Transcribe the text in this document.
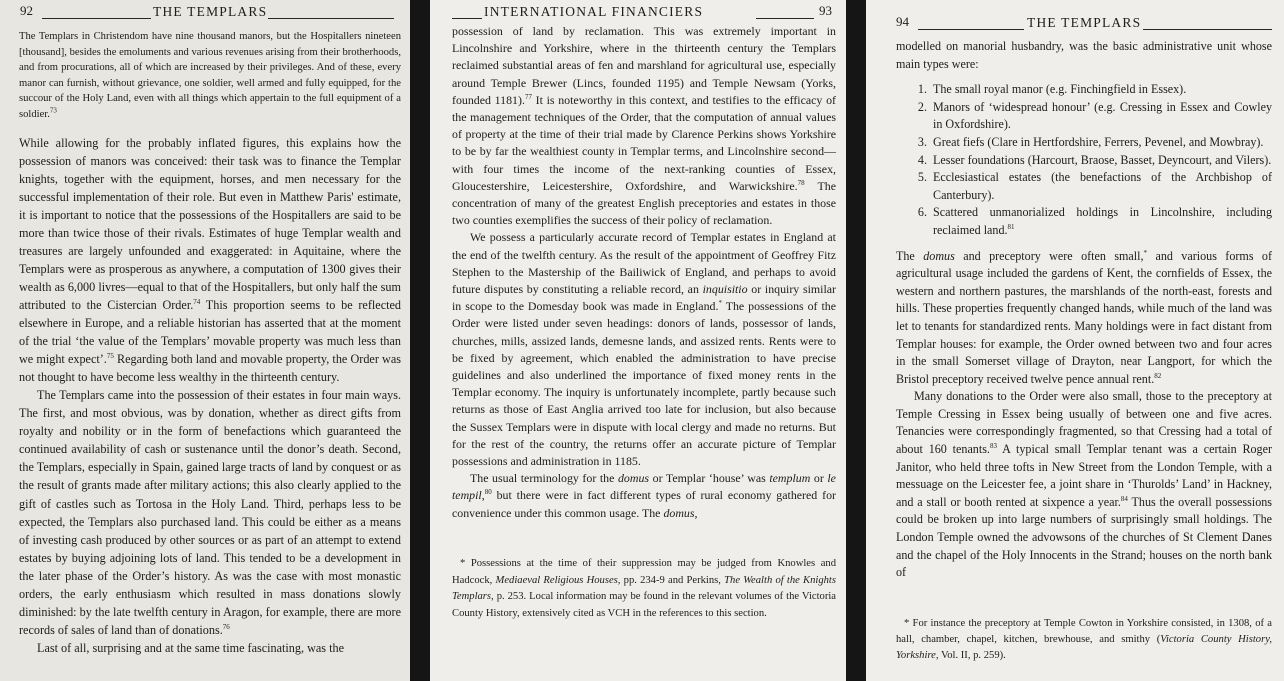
92	THE TEMPLARS

The Templars in Christendom have nine thousand manors, but the Hospitallers nineteen [thousand], besides the emoluments and various revenues arising from their brotherhoods, and from procurations, all of which are increased by their privileges. And of these, every manor can furnish, without grievance, one soldier, well armed and fully equipped, for the succour of the Holy Land, even with all things which appertain to the full equipment of a soldier.$^{73}$

While allowing for the probably inflated figures, this explains how the possession of manors was conceived: their task was to finance the Templar knights, together with the equipment, horses, and men necessary for the successful implementation of their role. But even in Matthew Paris' estimate, it is important to notice that the possessions of the Hospitallers are said to be more than twice those of their rivals. Estimates of huge Templar wealth and treasures are largely unfounded and exaggerated: in Aquitaine, where the Templars were as prosperous as anywhere, a computation of 1300 gives their wealth as 6,000 livres—equal to that of the Hospitallers, but only half the sum attributed to the Cistercian Order.$^{74}$ This proportion seems to be reflected elsewhere in Europe, and a reliable historian has asserted that at the moment of the trial ‘the value of the Templars’ movable property was much less than we might expect’.$^{75}$ Regarding both land and movable property, the Order was not thought to have become less wealthy in the thirteenth century.

The Templars came into the possession of their estates in four main ways. The first, and most obvious, was by donation, whether as direct gifts from royalty and nobility or in the form of benefactions which guaranteed the continued availability of cash or sustenance until the donor’s death. Second, the Templars, especially in Spain, gained large tracts of land by conquest or as the result of grants made after military actions; this also clearly applied to the gift of castles such as Tortosa in the Holy Land. Third, perhaps less to be expected, the Templars also purchased land. This could be either as a means of investing cash produced by other sources or as part of an attempt to extend estates by buying adjoining lots of land. This tended to be a development in the later phase of the Order’s history. As was the case with most monastic orders, the early enthusiasm which resulted in mass donations slowly diminished: by the late twelfth century in Aragon, for example, there are more records of sales of land than of donations.$^{76}$

Last of all, surprising and at the same time fascinating, was the

INTERNATIONAL FINANCIERS	93

possession of land by reclamation. This was extremely important in Lincolnshire and Yorkshire, where in the thirteenth century the Templars reclaimed substantial areas of fen and marshland for agricultural use, especially around Temple Brewer (Lincs, founded 1195) and Temple Newsam (Yorks, founded 1181).$^{77}$ It is noteworthy in this context, and testifies to the efficacy of the management techniques of the Order, that the computation of annual values of property at the time of their trial made by Clarence Perkins shows Yorkshire to be by far the wealthiest county in Templar terms, and Lincolnshire second—with four times the income of the next-ranking counties of Essex, Gloucestershire, Leicestershire, Oxfordshire, and Warwickshire.$^{78}$ The concentration of many of the greatest English preceptories and estates in those two counties exemplifies the success of their policy of reclamation.

We possess a particularly accurate record of Templar estates in England at the end of the twelfth century. As the result of the appointment of Geoffrey Fitz Stephen to the Mastership of the Bailiwick of England, and perhaps to avoid future disputes by constituting a reliable record, an inquisitio or inquiry similar in scope to the Domesday book was made in England.* The possessions of the Order were listed under seven headings: donors of lands, possessor of lands, churches, mills, assized lands, demesne lands, and assized rents. Rents were to be fixed by agreement, which enabled the administration to have precise guidelines and also underlined the importance of fixed money rents in the Templar economy. The inquiry is unfortunately incomplete, partly because such returns as those of East Anglia arrived too late for inclusion, but also because the Sussex Templars were in dispute with local clergy and made no returns. But for the rest of the country, the returns offer an accurate picture of Templar possessions and administration in 1185.

The usual terminology for the domus or Templar ‘house’ was templum or le tempil,$^{80}$ but there were in fact different types of rural economy gathered for convenience under this common usage. The domus,

* Possessions at the time of their suppression may be judged from Knowles and Hadcock, Mediaeval Religious Houses, pp. 234-9 and Perkins, The Wealth of the Knights Templars, p. 253. Local information may be found in the relevant volumes of the Victoria County History, extensively cited as VCH in the references to this section.

94	THE TEMPLARS

modelled on manorial husbandry, was the basic administrative unit whose main types were:

1. The small royal manor (e.g. Finchingfield in Essex).
2. Manors of ‘widespread honour’ (e.g. Cressing in Essex and Cowley in Oxfordshire).
3. Great fiefs (Clare in Hertfordshire, Ferrers, Pevenel, and Mowbray).
4. Lesser foundations (Harcourt, Braose, Basset, Deyncourt, and Vilers).
5. Ecclesiastical estates (the benefactions of the Archbishop of Canterbury).
6. Scattered unmanorialized holdings in Lincolnshire, including reclaimed land.$^{81}$

The domus and preceptory were often small,* and various forms of agricultural usage included the gardens of Kent, the cornfields of Essex, the western and northern pastures, the marshlands of the north-east, forests and hills. These properties frequently changed hands, while much of the land was let to tenants for standardized rents. Many holdings were in fact distant from Templar houses: for example, the Order owned between two and four acres in the small Somerset village of Drayton, near Langport, for which the Bristol preceptory received twelve pence annual rent.$^{82}$

Many donations to the Order were also small, those to the preceptory at Temple Cressing in Essex being usually of between one and five acres. Tenancies were correspondingly fragmented, so that Cressing had a total of about 160 tenants.$^{83}$ A typical small Templar tenant was a certain Roger Janitor, who held three tofts in New Street from the London Temple, with a messuage on the Leicester fee, a joint share in ‘Thurolds’ Land’ in Hackney, and a stall or booth rented at sixpence a year.$^{84}$ Thus the overall possessions could be broken up into large numbers of surprisingly small holdings. The London Temple owned the advowsons of the churches of St Clement Danes and the chapel of the Holy Innocents in the Strand; houses on the north bank of

* For instance the preceptory at Temple Cowton in Yorkshire consisted, in 1308, of a hall, chamber, chapel, kitchen, brewhouse, and smithy (Victoria County History, Yorkshire, Vol. II, p. 259).
